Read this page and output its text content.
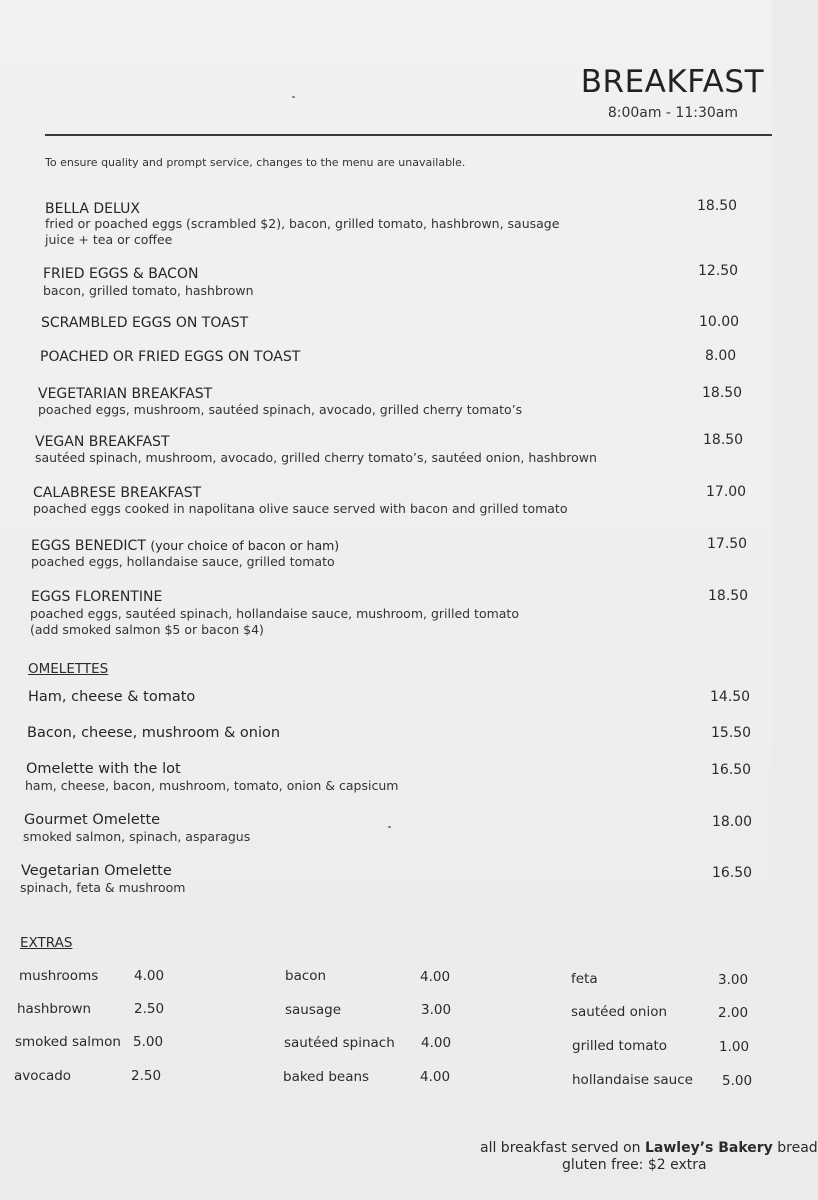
BREAKFAST
8:00am - 11:30am
To ensure quality and prompt service, changes to the menu are unavailable.
BELLA DELUX
fried or poached eggs (scrambled $2), bacon, grilled tomato, hashbrown, sausage
juice + tea or coffee
18.50
FRIED EGGS & BACON
bacon, grilled tomato, hashbrown
12.50
SCRAMBLED EGGS ON TOAST	10.00
POACHED OR FRIED EGGS ON TOAST	8.00
VEGETARIAN BREAKFAST
poached eggs, mushroom, sautéed spinach, avocado, grilled cherry tomato’s
18.50
VEGAN BREAKFAST
sautéed spinach, mushroom, avocado, grilled cherry tomato’s, sautéed onion, hashbrown
18.50
CALABRESE BREAKFAST
poached eggs cooked in napolitana olive sauce served with bacon and grilled tomato
17.00
EGGS BENEDICT (your choice of bacon or ham)
poached eggs, hollandaise sauce, grilled tomato
17.50
EGGS FLORENTINE
poached eggs, sautéed spinach, hollandaise sauce, mushroom, grilled tomato
(add smoked salmon $5 or bacon $4)
18.50
OMELETTES
Ham, cheese & tomato	14.50
Bacon, cheese, mushroom & onion	15.50
Omelette with the lot
ham, cheese, bacon, mushroom, tomato, onion & capsicum
16.50
Gourmet Omelette
smoked salmon, spinach, asparagus
18.00
Vegetarian Omelette
spinach, feta & mushroom
16.50
EXTRAS
mushrooms	4.00
hashbrown	2.50
smoked salmon 5.00
avocado	2.50
bacon	4.00
sausage	3.00
sautéed spinach 4.00
baked beans	4.00
feta	3.00
sautéed onion	2.00
grilled tomato	1.00
hollandaise sauce 5.00
all breakfast served on Lawley’s Bakery bread
gluten free: $2 extra
